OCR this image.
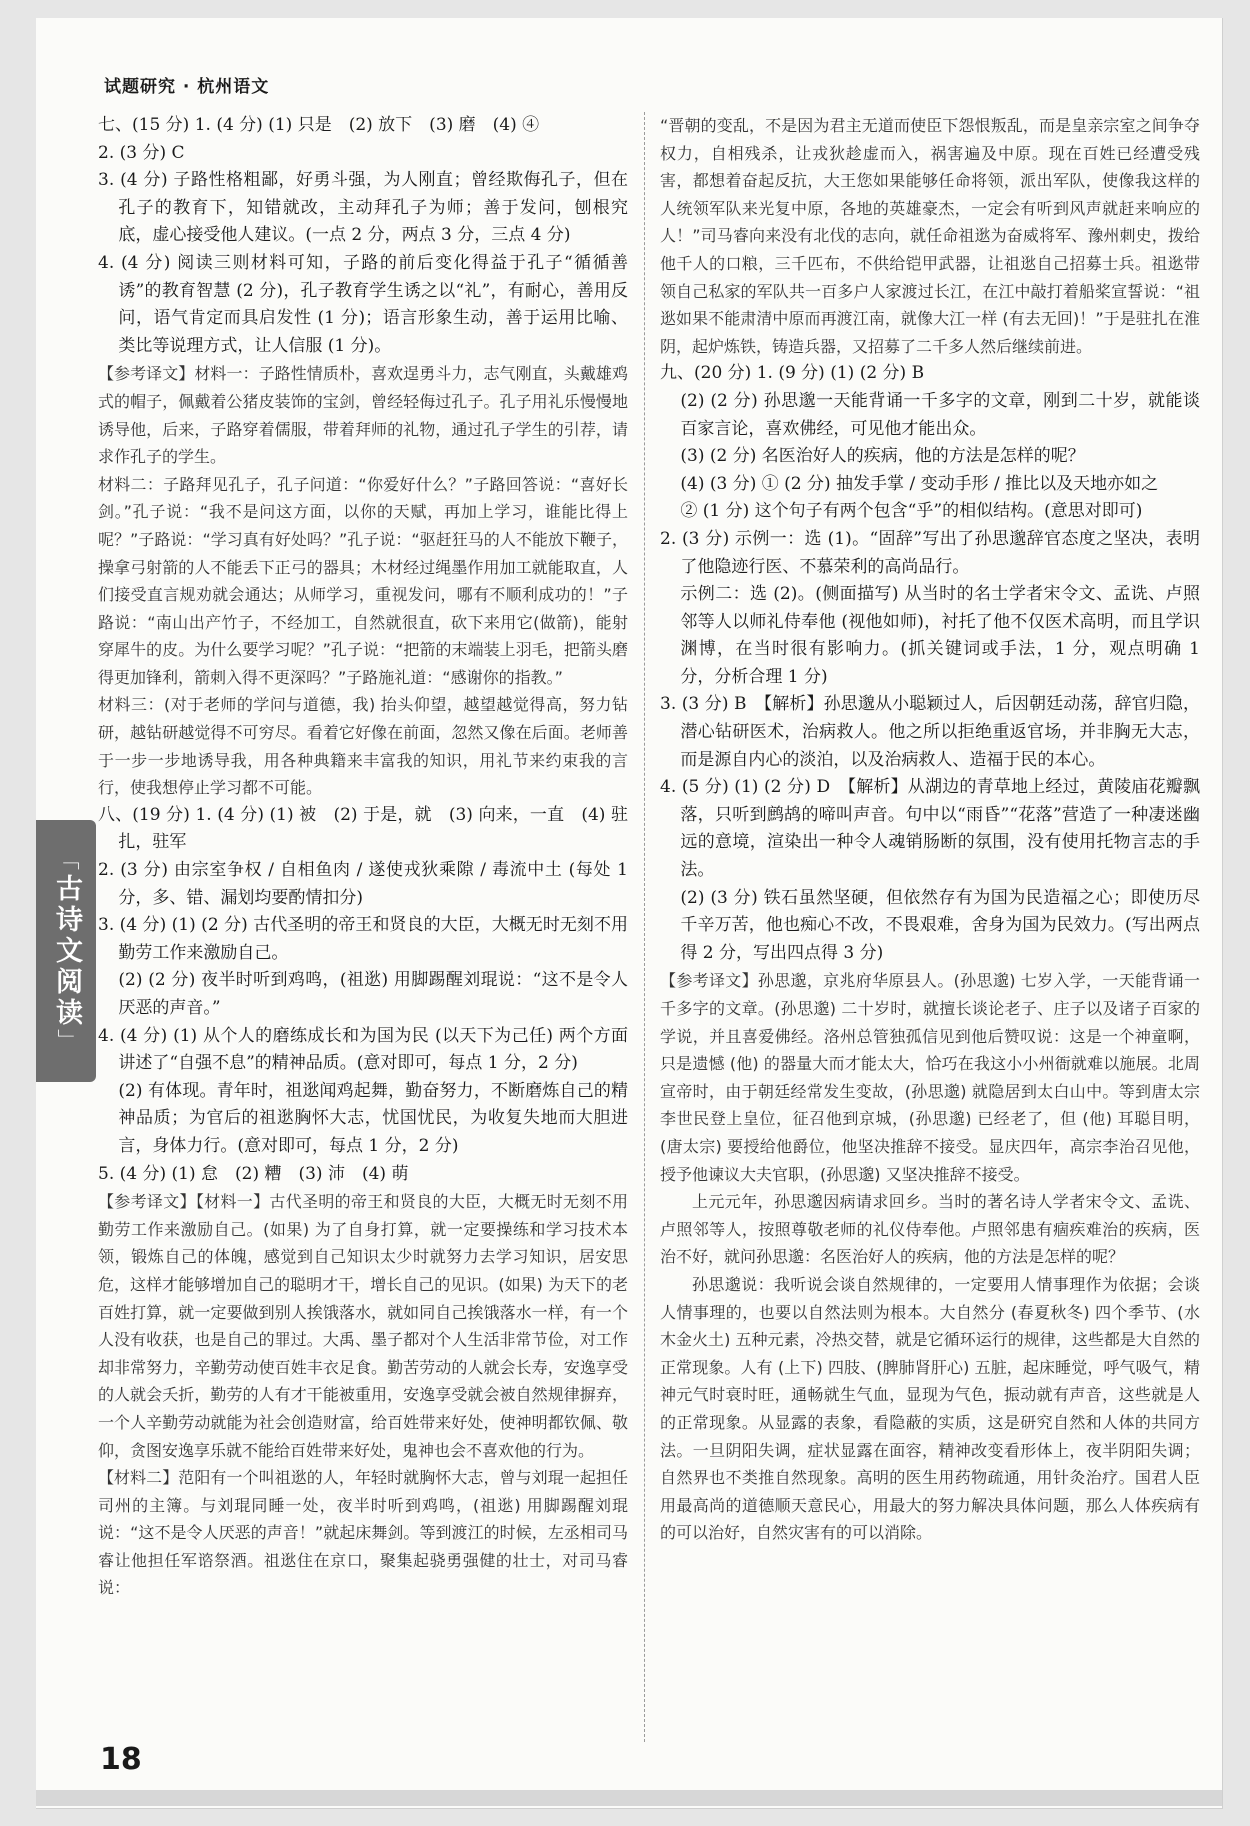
试题研究 · 杭州语文

七、(15 分) 1. (4 分) (1) 只是　(2) 放下　(3) 磨　(4) ④

2. (3 分) C

3. (4 分) 子路性格粗鄙，好勇斗强，为人刚直；曾经欺侮孔子，但在孔子的教育下，知错就改，主动拜孔子为师；善于发问，刨根究底，虚心接受他人建议。(一点 2 分，两点 3 分，三点 4 分)

4. (4 分) 阅读三则材料可知，子路的前后变化得益于孔子“循循善诱”的教育智慧 (2 分)，孔子教育学生诱之以“礼”，有耐心，善用反问，语气肯定而具启发性 (1 分)；语言形象生动，善于运用比喻、类比等说理方式，让人信服 (1 分)。

【参考译文】材料一：子路性情质朴，喜欢逞勇斗力，志气刚直，头戴雄鸡式的帽子，佩戴着公猪皮装饰的宝剑，曾经轻侮过孔子。孔子用礼乐慢慢地诱导他，后来，子路穿着儒服，带着拜师的礼物，通过孔子学生的引荐，请求作孔子的学生。

材料二：子路拜见孔子，孔子问道：“你爱好什么？”子路回答说：“喜好长剑。”孔子说：“我不是问这方面，以你的天赋，再加上学习，谁能比得上呢？”子路说：“学习真有好处吗？”孔子说：“驱赶狂马的人不能放下鞭子，操拿弓射箭的人不能丢下正弓的器具；木材经过绳墨作用加工就能取直，人们接受直言规劝就会通达；从师学习，重视发问，哪有不顺利成功的！”子路说：“南山出产竹子，不经加工，自然就很直，砍下来用它(做箭)，能射穿犀牛的皮。为什么要学习呢？”孔子说：“把箭的末端装上羽毛，把箭头磨得更加锋利，箭刺入得不更深吗？”子路施礼道：“感谢你的指教。”

材料三：(对于老师的学问与道德，我) 抬头仰望，越望越觉得高，努力钻研，越钻研越觉得不可穷尽。看着它好像在前面，忽然又像在后面。老师善于一步一步地诱导我，用各种典籍来丰富我的知识，用礼节来约束我的言行，使我想停止学习都不可能。

八、(19 分) 1. (4 分) (1) 被　(2) 于是，就　(3) 向来，一直　(4) 驻扎，驻军

2. (3 分) 由宗室争权 / 自相鱼肉 / 遂使戎狄乘隙 / 毒流中土 (每处 1 分，多、错、漏划均要酌情扣分)

3. (4 分) (1) (2 分) 古代圣明的帝王和贤良的大臣，大概无时无刻不用勤劳工作来激励自己。

(2) (2 分) 夜半时听到鸡鸣，(祖逖) 用脚踢醒刘琨说：“这不是令人厌恶的声音。”

4. (4 分) (1) 从个人的磨练成长和为国为民 (以天下为己任) 两个方面讲述了“自强不息”的精神品质。(意对即可，每点 1 分，2 分)

(2) 有体现。青年时，祖逖闻鸡起舞，勤奋努力，不断磨炼自己的精神品质；为官后的祖逖胸怀大志，忧国忧民，为收复失地而大胆进言，身体力行。(意对即可，每点 1 分，2 分)

5. (4 分) (1) 怠　(2) 糟　(3) 沛　(4) 萌

【参考译文】【材料一】古代圣明的帝王和贤良的大臣，大概无时无刻不用勤劳工作来激励自己。(如果) 为了自身打算，就一定要操练和学习技术本领，锻炼自己的体魄，感觉到自己知识太少时就努力去学习知识，居安思危，这样才能够增加自己的聪明才干，增长自己的见识。(如果) 为天下的老百姓打算，就一定要做到别人挨饿落水，就如同自己挨饿落水一样，有一个人没有收获，也是自己的罪过。大禹、墨子都对个人生活非常节俭，对工作却非常努力，辛勤劳动使百姓丰衣足食。勤苦劳动的人就会长寿，安逸享受的人就会夭折，勤劳的人有才干能被重用，安逸享受就会被自然规律摒弃，一个人辛勤劳动就能为社会创造财富，给百姓带来好处，使神明都钦佩、敬仰，贪图安逸享乐就不能给百姓带来好处，鬼神也会不喜欢他的行为。

【材料二】范阳有一个叫祖逖的人，年轻时就胸怀大志，曾与刘琨一起担任司州的主簿。与刘琨同睡一处，夜半时听到鸡鸣，(祖逖) 用脚踢醒刘琨说：“这不是令人厌恶的声音！”就起床舞剑。等到渡江的时候，左丞相司马睿让他担任军谘祭酒。祖逖住在京口，聚集起骁勇强健的壮士，对司马睿说：

“晋朝的变乱，不是因为君主无道而使臣下怨恨叛乱，而是皇亲宗室之间争夺权力，自相残杀，让戎狄趁虚而入，祸害遍及中原。现在百姓已经遭受残害，都想着奋起反抗，大王您如果能够任命将领，派出军队，使像我这样的人统领军队来光复中原，各地的英雄豪杰，一定会有听到风声就赶来响应的人！”司马睿向来没有北伐的志向，就任命祖逖为奋威将军、豫州刺史，拨给他千人的口粮，三千匹布，不供给铠甲武器，让祖逖自己招募士兵。祖逖带领自己私家的军队共一百多户人家渡过长江，在江中敲打着船桨宣誓说：“祖逖如果不能肃清中原而再渡江南，就像大江一样 (有去无回)！”于是驻扎在淮阴，起炉炼铁，铸造兵器，又招募了二千多人然后继续前进。

九、(20 分) 1. (9 分) (1) (2 分) B

(2) (2 分) 孙思邈一天能背诵一千多字的文章，刚到二十岁，就能谈百家言论，喜欢佛经，可见他才能出众。

(3) (2 分) 名医治好人的疾病，他的方法是怎样的呢？

(4) (3 分) ① (2 分) 抽发手掌 / 变动手形 / 推比以及天地亦如之

② (1 分) 这个句子有两个包含“乎”的相似结构。(意思对即可)

2. (3 分) 示例一：选 (1)。“固辞”写出了孙思邈辞官态度之坚决，表明了他隐迹行医、不慕荣利的高尚品行。

示例二：选 (2)。(侧面描写) 从当时的名士学者宋令文、孟诜、卢照邻等人以师礼侍奉他 (视他如师)，衬托了他不仅医术高明，而且学识渊博，在当时很有影响力。(抓关键词或手法，1 分，观点明确 1 分，分析合理 1 分)

3. (3 分) B　【解析】孙思邈从小聪颖过人，后因朝廷动荡，辞官归隐，潜心钻研医术，治病救人。他之所以拒绝重返官场，并非胸无大志，而是源自内心的淡泊，以及治病救人、造福于民的本心。

4. (5 分) (1) (2 分) D　【解析】从湖边的青草地上经过，黄陵庙花瓣飘落，只听到鹧鸪的啼叫声音。句中以“雨昏”“花落”营造了一种凄迷幽远的意境，渲染出一种令人魂销肠断的氛围，没有使用托物言志的手法。

(2) (3 分) 铁石虽然坚硬，但依然存有为国为民造福之心；即使历尽千辛万苦，他也痴心不改，不畏艰难，舍身为国为民效力。(写出两点得 2 分，写出四点得 3 分)

【参考译文】孙思邈，京兆府华原县人。(孙思邈) 七岁入学，一天能背诵一千多字的文章。(孙思邈) 二十岁时，就擅长谈论老子、庄子以及诸子百家的学说，并且喜爱佛经。洛州总管独孤信见到他后赞叹说：这是一个神童啊，只是遗憾 (他) 的器量大而才能太大，恰巧在我这小小州衙就难以施展。北周宣帝时，由于朝廷经常发生变故，(孙思邈) 就隐居到太白山中。等到唐太宗李世民登上皇位，征召他到京城，(孙思邈) 已经老了，但 (他) 耳聪目明，(唐太宗) 要授给他爵位，他坚决推辞不接受。显庆四年，高宗李治召见他，授予他谏议大夫官职，(孙思邈) 又坚决推辞不接受。

上元元年，孙思邈因病请求回乡。当时的著名诗人学者宋令文、孟诜、卢照邻等人，按照尊敬老师的礼仪侍奉他。卢照邻患有痼疾难治的疾病，医治不好，就问孙思邈：名医治好人的疾病，他的方法是怎样的呢？

孙思邈说：我听说会谈自然规律的，一定要用人情事理作为依据；会谈人情事理的，也要以自然法则为根本。大自然分 (春夏秋冬) 四个季节、(水木金火土) 五种元素，冷热交替，就是它循环运行的规律，这些都是大自然的正常现象。人有 (上下) 四肢、(脾肺肾肝心) 五脏，起床睡觉，呼气吸气，精神元气时衰时旺，通畅就生气血，显现为气色，振动就有声音，这些就是人的正常现象。从显露的表象，看隐蔽的实质，这是研究自然和人体的共同方法。一旦阴阳失调，症状显露在面容，精神改变看形体上，夜半阴阳失调；自然界也不类推自然现象。高明的医生用药物疏通，用针灸治疗。国君人臣用最高尚的道德顺天意民心，用最大的努力解决具体问题，那么人体疾病有的可以治好，自然灾害有的可以消除。

「古诗文阅读」
18
